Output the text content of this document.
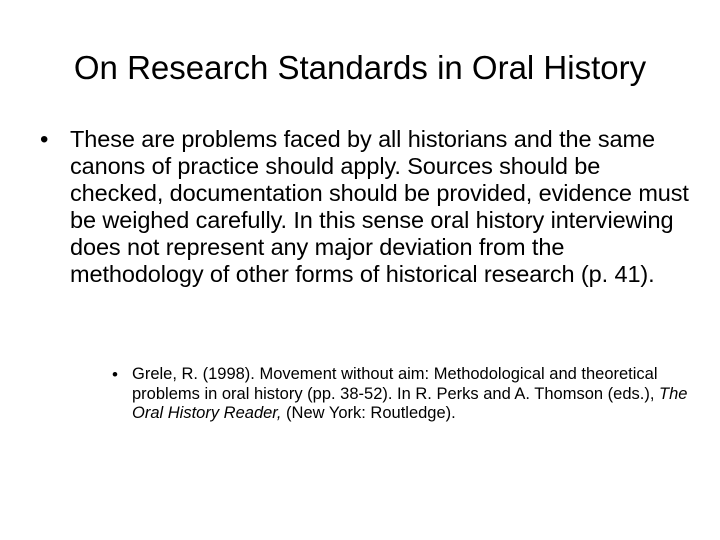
On Research Standards in Oral History
• These are problems faced by all historians and the same canons of practice should apply. Sources should be checked, documentation should be provided, evidence must be weighed carefully. In this sense oral history interviewing does not represent any major deviation from the methodology of other forms of historical research (p. 41).
• Grele, R. (1998). Movement without aim: Methodological and theoretical problems in oral history (pp. 38-52). In R. Perks and A. Thomson (eds.), The Oral History Reader, (New York: Routledge).
